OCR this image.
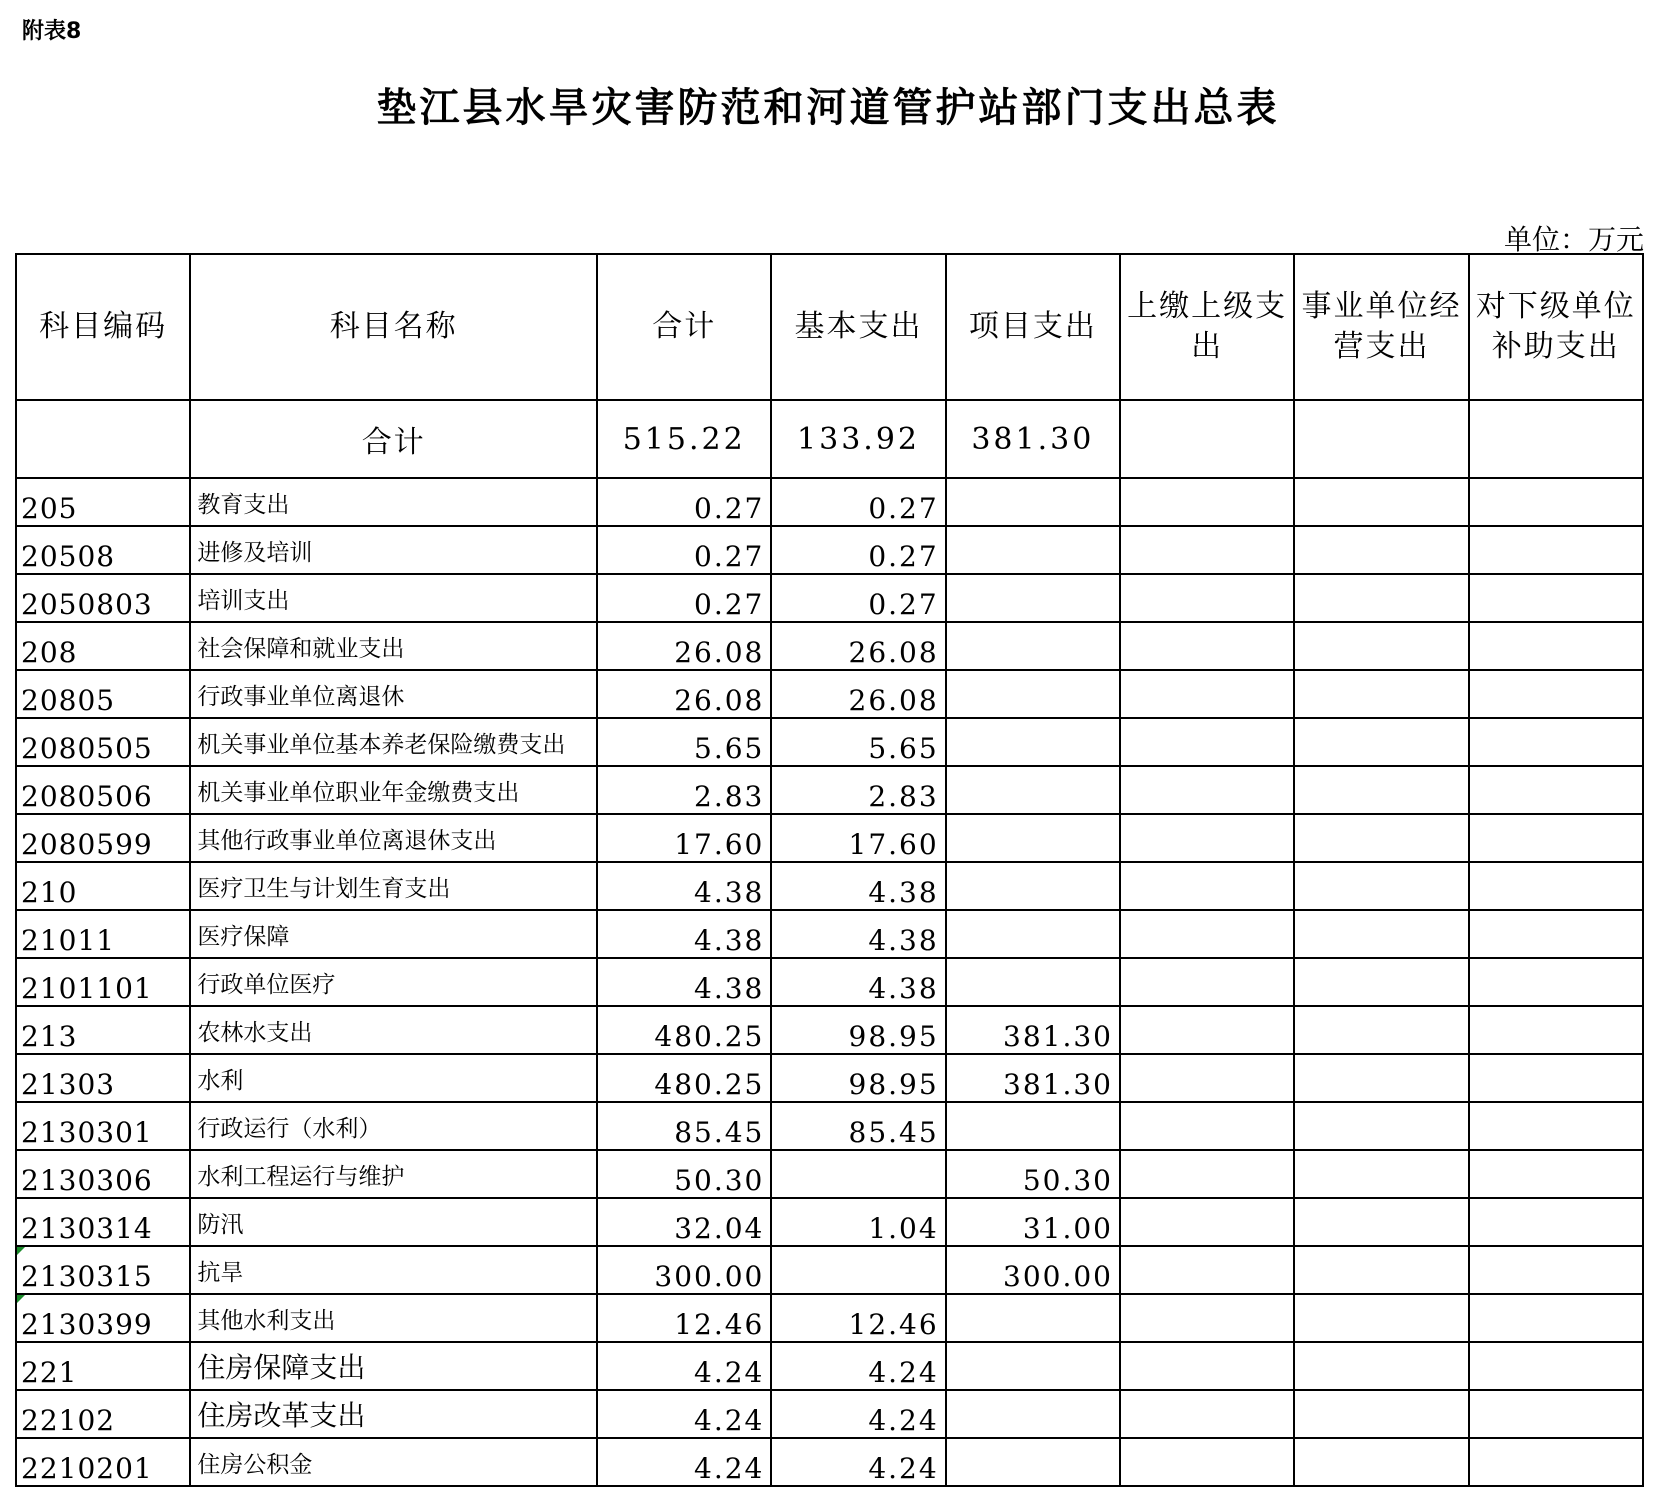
附表8
垫江县水旱灾害防范和河道管护站部门支出总表
单位：万元
科目编码	科目名称	合计	基本支出	项目支出	上缴上级支出	事业单位经营支出	对下级单位补助支出
	合计	515.22	133.92	381.30			
205	教育支出	0.27	0.27				
20508	进修及培训	0.27	0.27				
2050803	培训支出	0.27	0.27				
208	社会保障和就业支出	26.08	26.08				
20805	行政事业单位离退休	26.08	26.08				
2080505	机关事业单位基本养老保险缴费支出	5.65	5.65				
2080506	机关事业单位职业年金缴费支出	2.83	2.83				
2080599	其他行政事业单位离退休支出	17.60	17.60				
210	医疗卫生与计划生育支出	4.38	4.38				
21011	医疗保障	4.38	4.38				
2101101	行政单位医疗	4.38	4.38				
213	农林水支出	480.25	98.95	381.30			
21303	水利	480.25	98.95	381.30			
2130301	行政运行（水利）	85.45	85.45				
2130306	水利工程运行与维护	50.30		50.30			
2130314	防汛	32.04	1.04	31.00			
2130315	抗旱	300.00		300.00			
2130399	其他水利支出	12.46	12.46				
221	住房保障支出	4.24	4.24				
22102	住房改革支出	4.24	4.24				
2210201	住房公积金	4.24	4.24				
